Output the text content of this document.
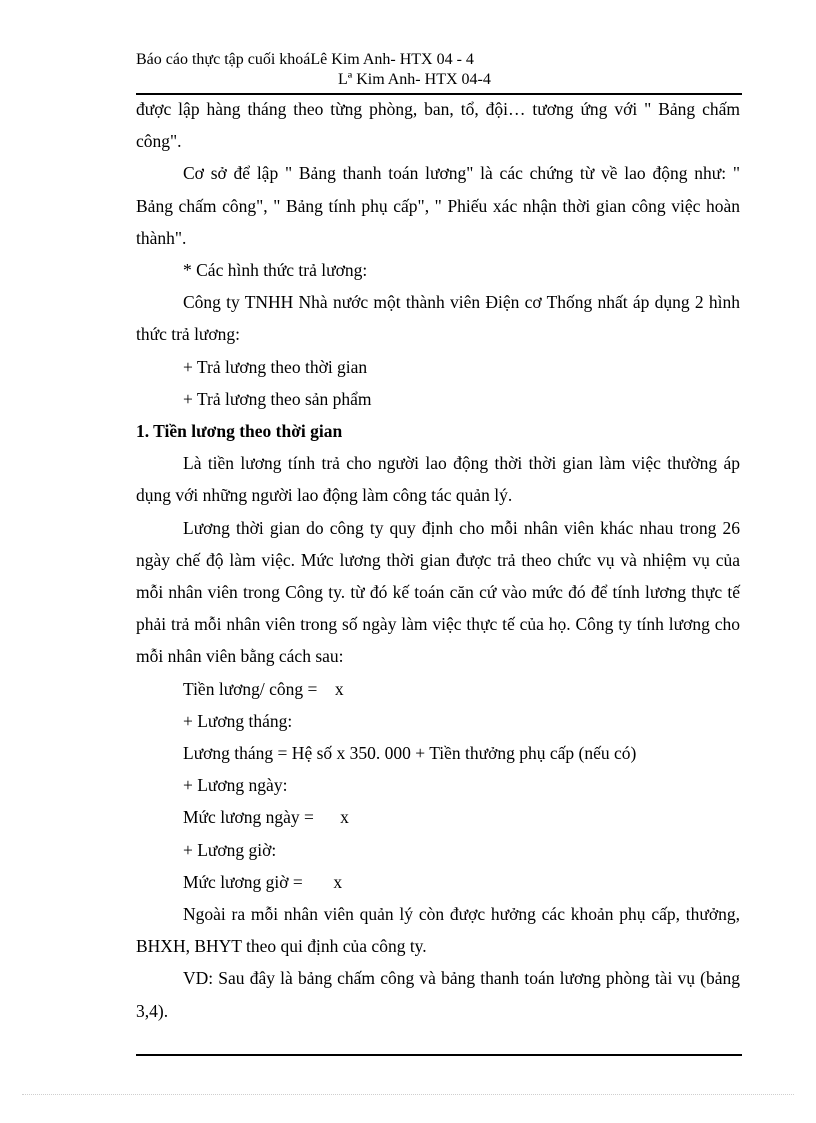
Báo cáo thực tập cuối khoáLê Kim Anh- HTX 04 - 4
Lª Kim Anh- HTX 04-4

được lập hàng tháng theo từng phòng, ban, tổ, đội… tương ứng với " Bảng chấm công".

Cơ sở để lập " Bảng thanh toán lương" là các chứng từ về lao động như: " Bảng chấm công", " Bảng tính phụ cấp", " Phiếu xác nhận thời gian công việc hoàn thành".

* Các hình thức trả lương:

Công ty TNHH Nhà nước một thành viên Điện cơ Thống nhất áp dụng 2 hình thức trả lương:

+ Trả lương theo thời gian

+ Trả lương theo sản phẩm

1. Tiền lương theo thời gian

Là tiền lương tính trả cho người lao động thời thời gian làm việc thường áp dụng với những người lao động làm công tác quản lý.

Lương thời gian do công ty quy định cho mỗi nhân viên khác nhau trong 26 ngày chế độ làm việc. Mức lương thời gian được trả theo chức vụ và nhiệm vụ của mỗi nhân viên trong Công ty. từ đó kế toán căn cứ vào mức đó để tính lương thực tế phải trả mỗi nhân viên trong số ngày làm việc thực tế của họ. Công ty tính lương cho mỗi nhân viên bằng cách sau:

Tiền lương/ công =    x

+ Lương tháng:

Lương tháng = Hệ số x 350. 000 + Tiền thưởng phụ cấp (nếu có)

+ Lương ngày:

Mức lương ngày =      x

+ Lương giờ:

Mức lương giờ =       x

Ngoài ra mỗi nhân viên quản lý còn được hưởng các khoản phụ cấp, thưởng, BHXH, BHYT theo qui định của công ty.

VD: Sau đây là bảng chấm công và bảng thanh toán lương phòng tài vụ (bảng 3,4).
